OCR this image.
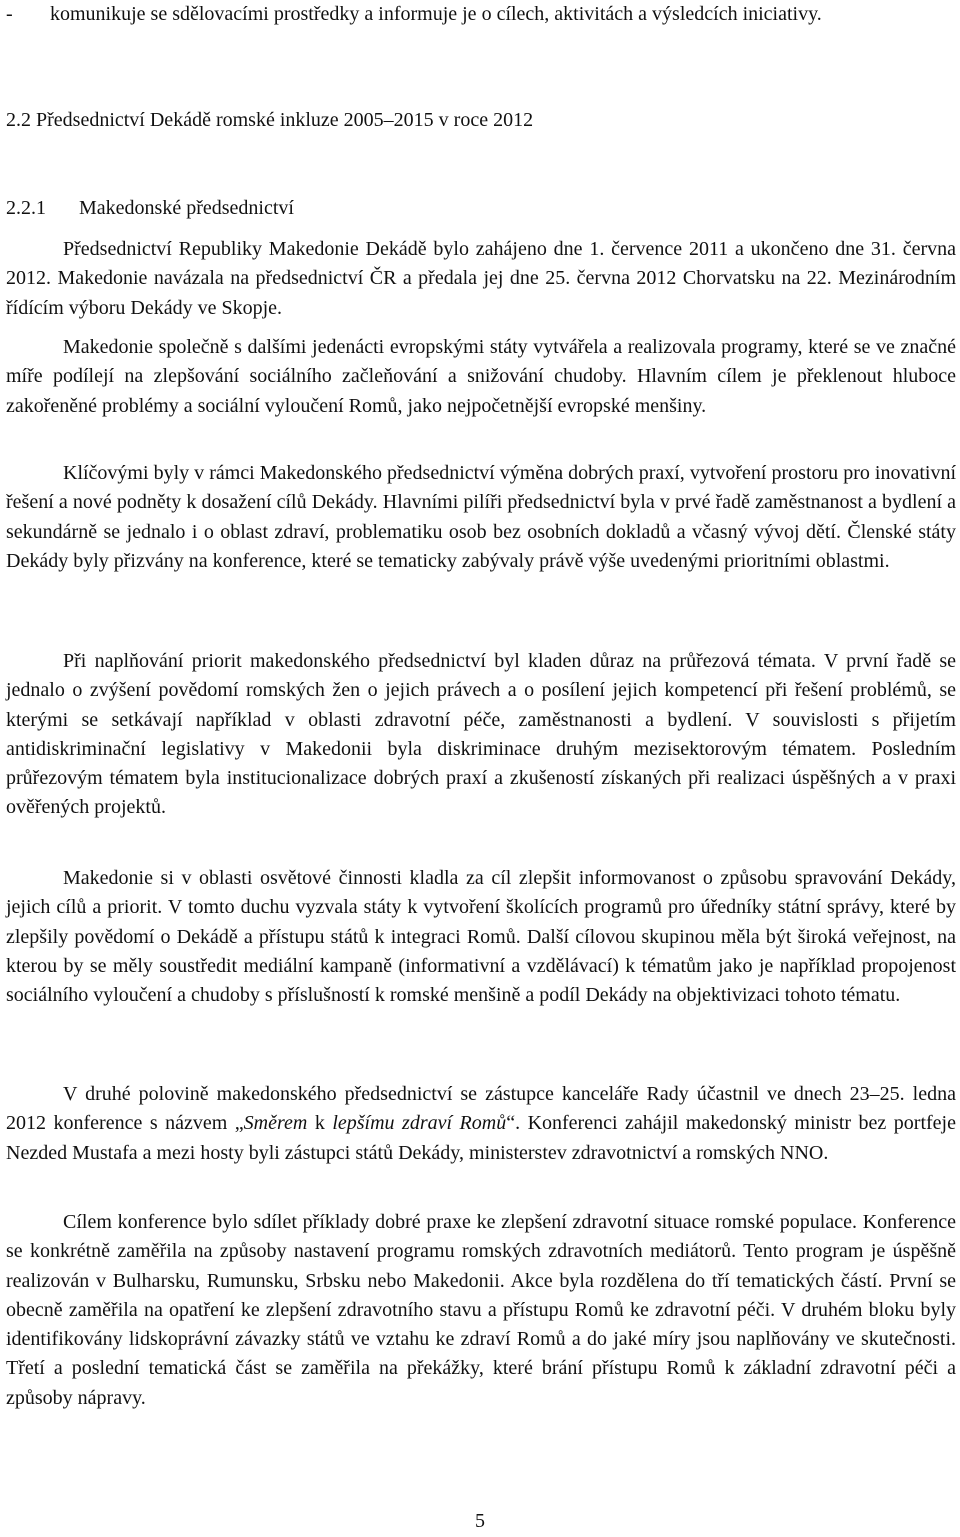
-	komunikuje se sdělovacími prostředky a informuje je o cílech, aktivitách a výsledcích iniciativy.

2.2 Předsednictví Dekádě romské inkluze 2005–2015 v roce 2012

2.2.1 Makedonské předsednictví

Předsednictví Republiky Makedonie Dekádě bylo zahájeno dne 1. července 2011 a ukončeno dne 31. června 2012. Makedonie navázala na předsednictví ČR a předala jej dne 25. června 2012 Chorvatsku na 22. Mezinárodním řídícím výboru Dekády ve Skopje.

Makedonie společně s dalšími jedenácti evropskými státy vytvářela a realizovala programy, které se ve značné míře podílejí na zlepšování sociálního začleňování a snižování chudoby. Hlavním cílem je překlenout hluboce zakořeněné problémy a sociální vyloučení Romů, jako nejpočetnější evropské menšiny.

Klíčovými byly v rámci Makedonského předsednictví výměna dobrých praxí, vytvoření prostoru pro inovativní řešení a nové podněty k dosažení cílů Dekády. Hlavními pilíři předsednictví byla v prvé řadě zaměstnanost a bydlení a sekundárně se jednalo i o oblast zdraví, problematiku osob bez osobních dokladů a včasný vývoj dětí. Členské státy Dekády byly přizvány na konference, které se tematicky zabývaly právě výše uvedenými prioritními oblastmi.

Při naplňování priorit makedonského předsednictví byl kladen důraz na průřezová témata. V první řadě se jednalo o zvýšení povědomí romských žen o jejich právech a o posílení jejich kompetencí při řešení problémů, se kterými se setkávají například v oblasti zdravotní péče, zaměstnanosti a bydlení. V souvislosti s přijetím antidiskriminační legislativy v Makedonii byla diskriminace druhým mezisektorovým tématem. Posledním průřezovým tématem byla institucionalizace dobrých praxí a zkušeností získaných při realizaci úspěšných a v praxi ověřených projektů.

Makedonie si v oblasti osvětové činnosti kladla za cíl zlepšit informovanost o způsobu spravování Dekády, jejich cílů a priorit. V tomto duchu vyzvala státy k vytvoření školících programů pro úředníky státní správy, které by zlepšily povědomí o Dekádě a přístupu států k integraci Romů. Další cílovou skupinou měla být široká veřejnost, na kterou by se měly soustředit mediální kampaně (informativní a vzdělávací) k tématům jako je například propojenost sociálního vyloučení a chudoby s příslušností k romské menšině a podíl Dekády na objektivizaci tohoto tématu.

V druhé polovině makedonského předsednictví se zástupce kanceláře Rady účastnil ve dnech 23–25. ledna 2012 konference s názvem „Směrem k lepšímu zdraví Romů“. Konferenci zahájil makedonský ministr bez portfeje Nezded Mustafa a mezi hosty byli zástupci států Dekády, ministerstev zdravotnictví a romských NNO.

Cílem konference bylo sdílet příklady dobré praxe ke zlepšení zdravotní situace romské populace. Konference se konkrétně zaměřila na způsoby nastavení programu romských zdravotních mediátorů. Tento program je úspěšně realizován v Bulharsku, Rumunsku, Srbsku nebo Makedonii. Akce byla rozdělena do tří tematických částí. První se obecně zaměřila na opatření ke zlepšení zdravotního stavu a přístupu Romů ke zdravotní péči. V druhém bloku byly identifikovány lidskoprávní závazky států ve vztahu ke zdraví Romů a do jaké míry jsou naplňovány ve skutečnosti. Třetí a poslední tematická část se zaměřila na překážky, které brání přístupu Romů k základní zdravotní péči a způsoby nápravy.

5
